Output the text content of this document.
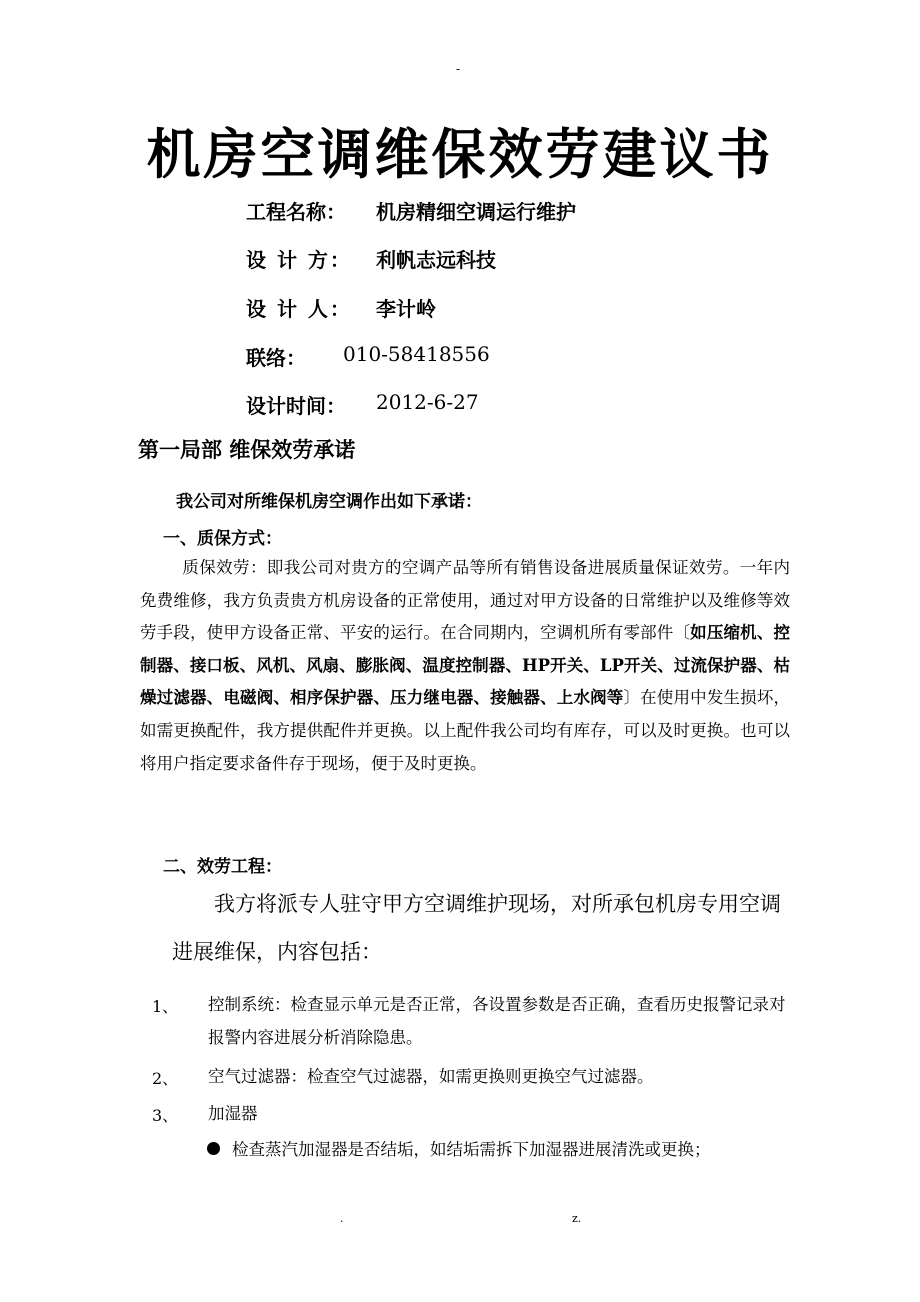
-
机房空调维保效劳建议书
工程名称： 机房精细空调运行维护
设 计 方： 利帆志远科技
设 计 人： 李计岭
联络： 010-58418556
设计时间： 2012-6-27
第一局部 维保效劳承诺
我公司对所维保机房空调作出如下承诺：
一、质保方式：
质保效劳：即我公司对贵方的空调产品等所有销售设备进展质量保证效劳。一年内免费维修，我方负责贵方机房设备的正常使用，通过对甲方设备的日常维护以及维修等效劳手段，使甲方设备正常、平安的运行。在合同期内，空调机所有零部件〔如压缩机、控制器、接口板、风机、风扇、膨胀阀、温度控制器、HP开关、LP开关、过流保护器、枯燥过滤器、电磁阀、相序保护器、压力继电器、接触器、上水阀等〕在使用中发生损坏，如需更换配件，我方提供配件并更换。以上配件我公司均有库存，可以及时更换。也可以将用户指定要求备件存于现场，便于及时更换。
二、效劳工程：
我方将派专人驻守甲方空调维护现场，对所承包机房专用空调
进展维保，内容包括：
1、 控制系统：检查显示单元是否正常，各设置参数是否正确，查看历史报警记录对报警内容进展分析消除隐患。
2、 空气过滤器：检查空气过滤器，如需更换则更换空气过滤器。
3、 加湿器
检查蒸汽加湿器是否结垢，如结垢需拆下加湿器进展清洗或更换；
.	z.
